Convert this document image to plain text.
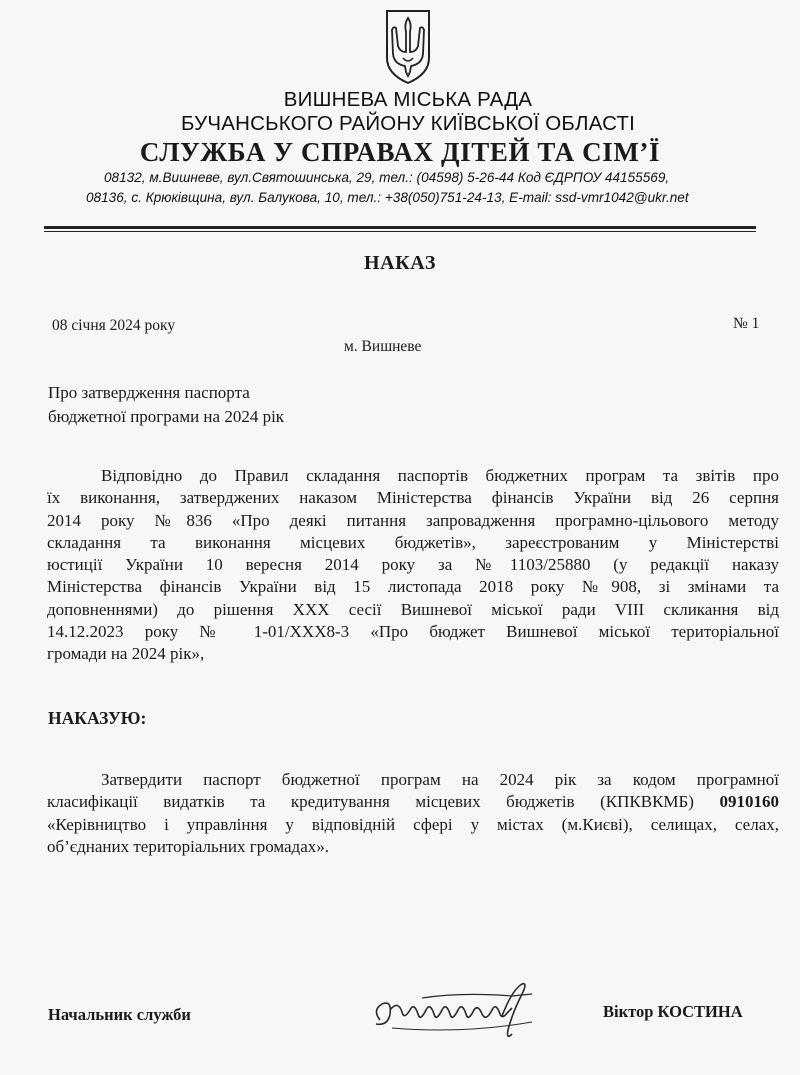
ВИШНЕВА МІСЬКА РАДА
БУЧАНСЬКОГО РАЙОНУ КИЇВСЬКОЇ ОБЛАСТІ
СЛУЖБА У СПРАВАХ ДІТЕЙ ТА СІМ’Ї
08132, м.Вишневе, вул.Святошинська, 29, тел.: (04598) 5-26-44 Код ЄДРПОУ 44155569,
08136, с. Крюківщина, вул. Балукова, 10, тел.: +38(050)751-24-13, E-mail: ssd-vmr1042@ukr.net
НАКАЗ
08 січня 2024 року	№ 1
м. Вишневе
Про затвердження паспорта
бюджетної програми на 2024 рік
Відповідно до Правил складання паспортів бюджетних програм та звітів про
їх виконання, затверджених наказом Міністерства фінансів України від 26 серпня
2014 року №836 «Про деякі питання запровадження програмно-цільового методу
складання та виконання місцевих бюджетів», зареєстрованим у Міністерстві
юстиції України 10 вересня 2014 року за №1103/25880 (у редакції наказу
Міністерства фінансів України від 15 листопада 2018 року №908, зі змінами та
доповненнями) до рішення XXX сесії Вишневої міської ради VIII скликання від
14.12.2023 року № 1-01/XXX8-3 «Про бюджет Вишневої міської територіальної
громади на 2024 рік»,
НАКАЗУЮ:
Затвердити паспорт бюджетної програм на 2024 рік за кодом програмної
класифікації видатків та кредитування місцевих бюджетів (КПКВКМБ) 0910160
«Керівництво і управління у відповідній сфері у містах (м.Києві), селищах, селах,
об’єднаних територіальних громадах».
Начальник служби	Віктор КОСТИНА
